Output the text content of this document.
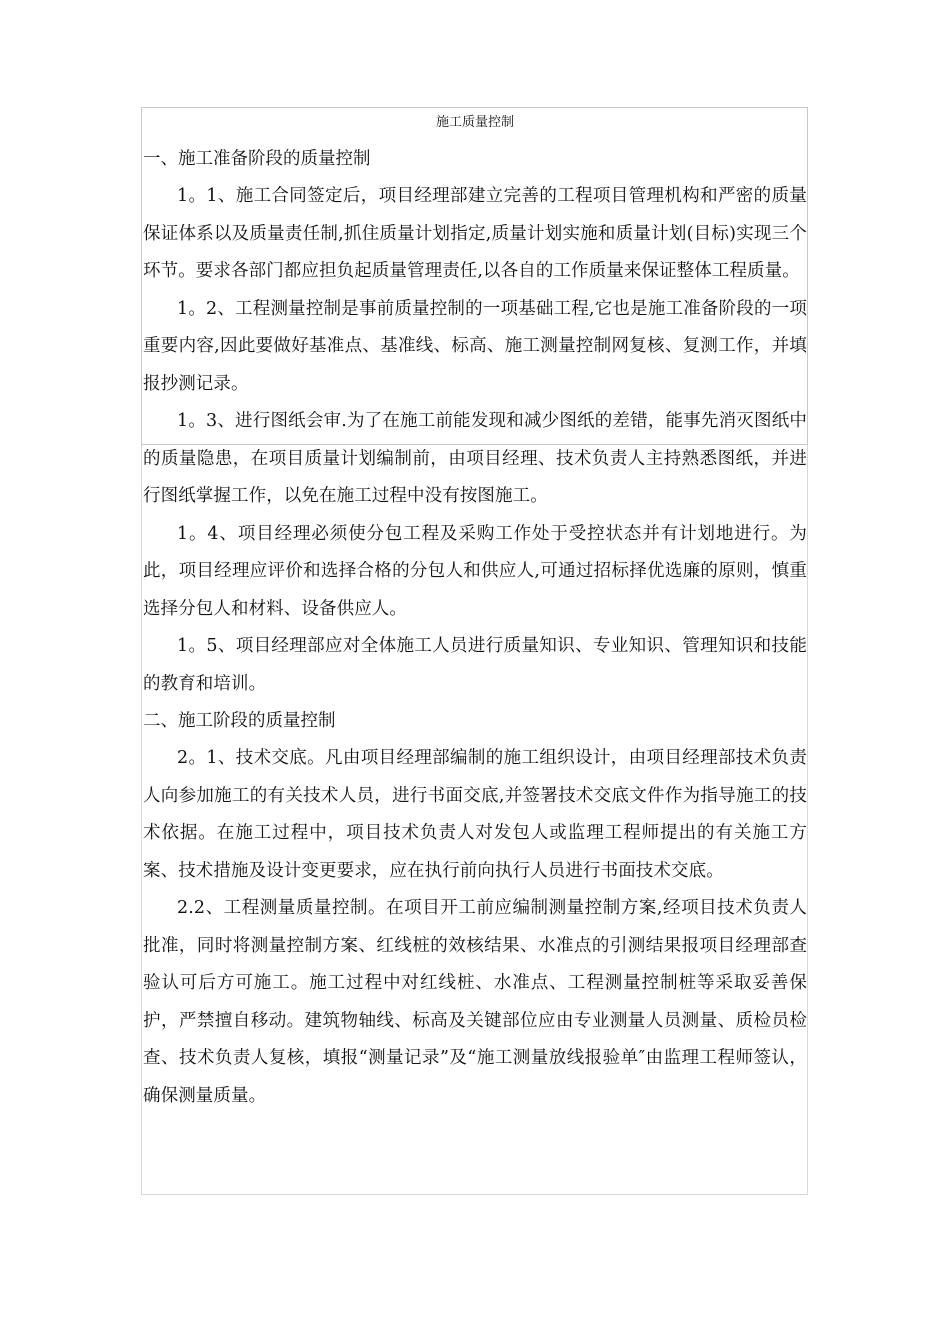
施工质量控制

一、施工准备阶段的质量控制

1。1、施工合同签定后，项目经理部建立完善的工程项目管理机构和严密的质量保证体系以及质量责任制,抓住质量计划指定,质量计划实施和质量计划(目标)实现三个环节。要求各部门都应担负起质量管理责任,以各自的工作质量来保证整体工程质量。

1。2、工程测量控制是事前质量控制的一项基础工程,它也是施工准备阶段的一项重要内容,因此要做好基准点、基准线、标高、施工测量控制网复核、复测工作，并填报抄测记录。

1。3、进行图纸会审.为了在施工前能发现和减少图纸的差错，能事先消灭图纸中的质量隐患，在项目质量计划编制前，由项目经理、技术负责人主持熟悉图纸，并进行图纸掌握工作，以免在施工过程中没有按图施工。

1。4、项目经理必须使分包工程及采购工作处于受控状态并有计划地进行。为此，项目经理应评价和选择合格的分包人和供应人,可通过招标择优选廉的原则，慎重选择分包人和材料、设备供应人。

1。5、项目经理部应对全体施工人员进行质量知识、专业知识、管理知识和技能的教育和培训。

二、施工阶段的质量控制

2。1、技术交底。凡由项目经理部编制的施工组织设计，由项目经理部技术负责人向参加施工的有关技术人员，进行书面交底,并签署技术交底文件作为指导施工的技术依据。在施工过程中，项目技术负责人对发包人或监理工程师提出的有关施工方案、技术措施及设计变更要求，应在执行前向执行人员进行书面技术交底。

2.2、工程测量质量控制。在项目开工前应编制测量控制方案,经项目技术负责人批准，同时将测量控制方案、红线桩的效核结果、水准点的引测结果报项目经理部查验认可后方可施工。施工过程中对红线桩、水准点、工程测量控制桩等采取妥善保护，严禁擅自移动。建筑物轴线、标高及关键部位应由专业测量人员测量、质检员检查、技术负责人复核，填报“测量记录”及“施工测量放线报验单″由监理工程师签认，确保测量质量。
